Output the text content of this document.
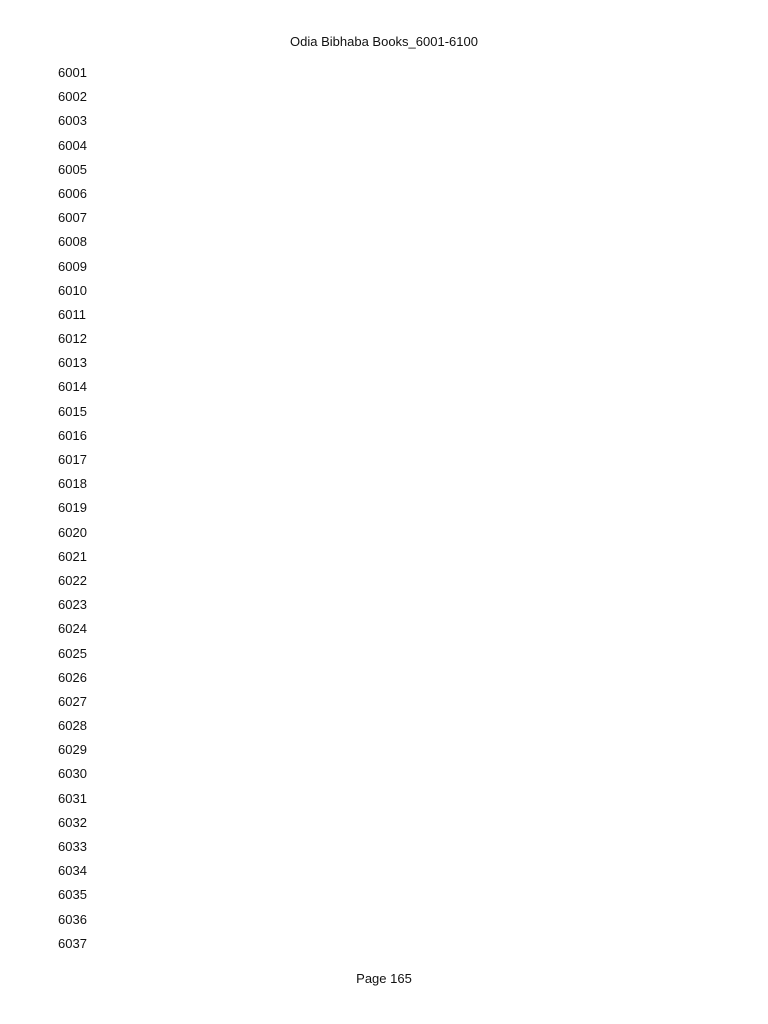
Odia Bibhaba Books_6001-6100
6001
6002
6003
6004
6005
6006
6007
6008
6009
6010
6011
6012
6013
6014
6015
6016
6017
6018
6019
6020
6021
6022
6023
6024
6025
6026
6027
6028
6029
6030
6031
6032
6033
6034
6035
6036
6037
Page 165
